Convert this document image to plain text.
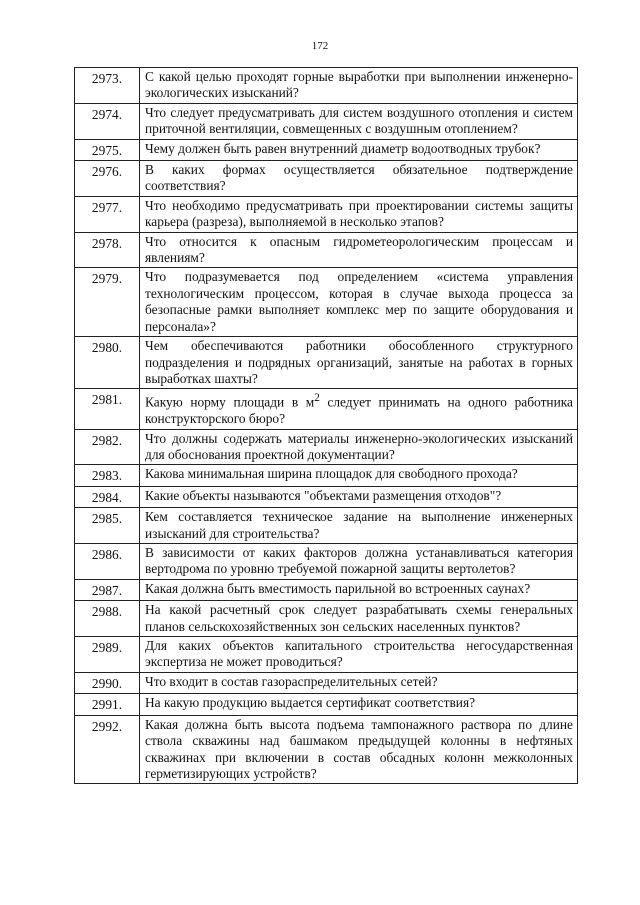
172
2973.	С какой целью проходят горные выработки при выполнении инженерно-экологических изысканий?
2974.	Что следует предусматривать для систем воздушного отопления и систем приточной вентиляции, совмещенных с воздушным отоплением?
2975.	Чему должен быть равен внутренний диаметр водоотводных трубок?
2976.	В каких формах осуществляется обязательное подтверждение соответствия?
2977.	Что необходимо предусматривать при проектировании системы защиты карьера (разреза), выполняемой в несколько этапов?
2978.	Что относится к опасным гидрометеорологическим процессам и явлениям?
2979.	Что подразумевается под определением «система управления технологическим процессом, которая в случае выхода процесса за безопасные рамки выполняет комплекс мер по защите оборудования и персонала»?
2980.	Чем обеспечиваются работники обособленного структурного подразделения и подрядных организаций, занятые на работах в горных выработках шахты?
2981.	Какую норму площади в $м^2$ следует принимать на одного работника конструкторского бюро?
2982.	Что должны содержать материалы инженерно-экологических изысканий для обоснования проектной документации?
2983.	Какова минимальная ширина площадок для свободного прохода?
2984.	Какие объекты называются "объектами размещения отходов"?
2985.	Кем составляется техническое задание на выполнение инженерных изысканий для строительства?
2986.	В зависимости от каких факторов должна устанавливаться категория вертодрома по уровню требуемой пожарной защиты вертолетов?
2987.	Какая должна быть вместимость парильной во встроенных саунах?
2988.	На какой расчетный срок следует разрабатывать схемы генеральных планов сельскохозяйственных зон сельских населенных пунктов?
2989.	Для каких объектов капитального строительства негосударственная экспертиза не может проводиться?
2990.	Что входит в состав газораспределительных сетей?
2991.	На какую продукцию выдается сертификат соответствия?
2992.	Какая должна быть высота подъема тампонажного раствора по длине ствола скважины над башмаком предыдущей колонны в нефтяных скважинах при включении в состав обсадных колонн межколонных герметизирующих устройств?
